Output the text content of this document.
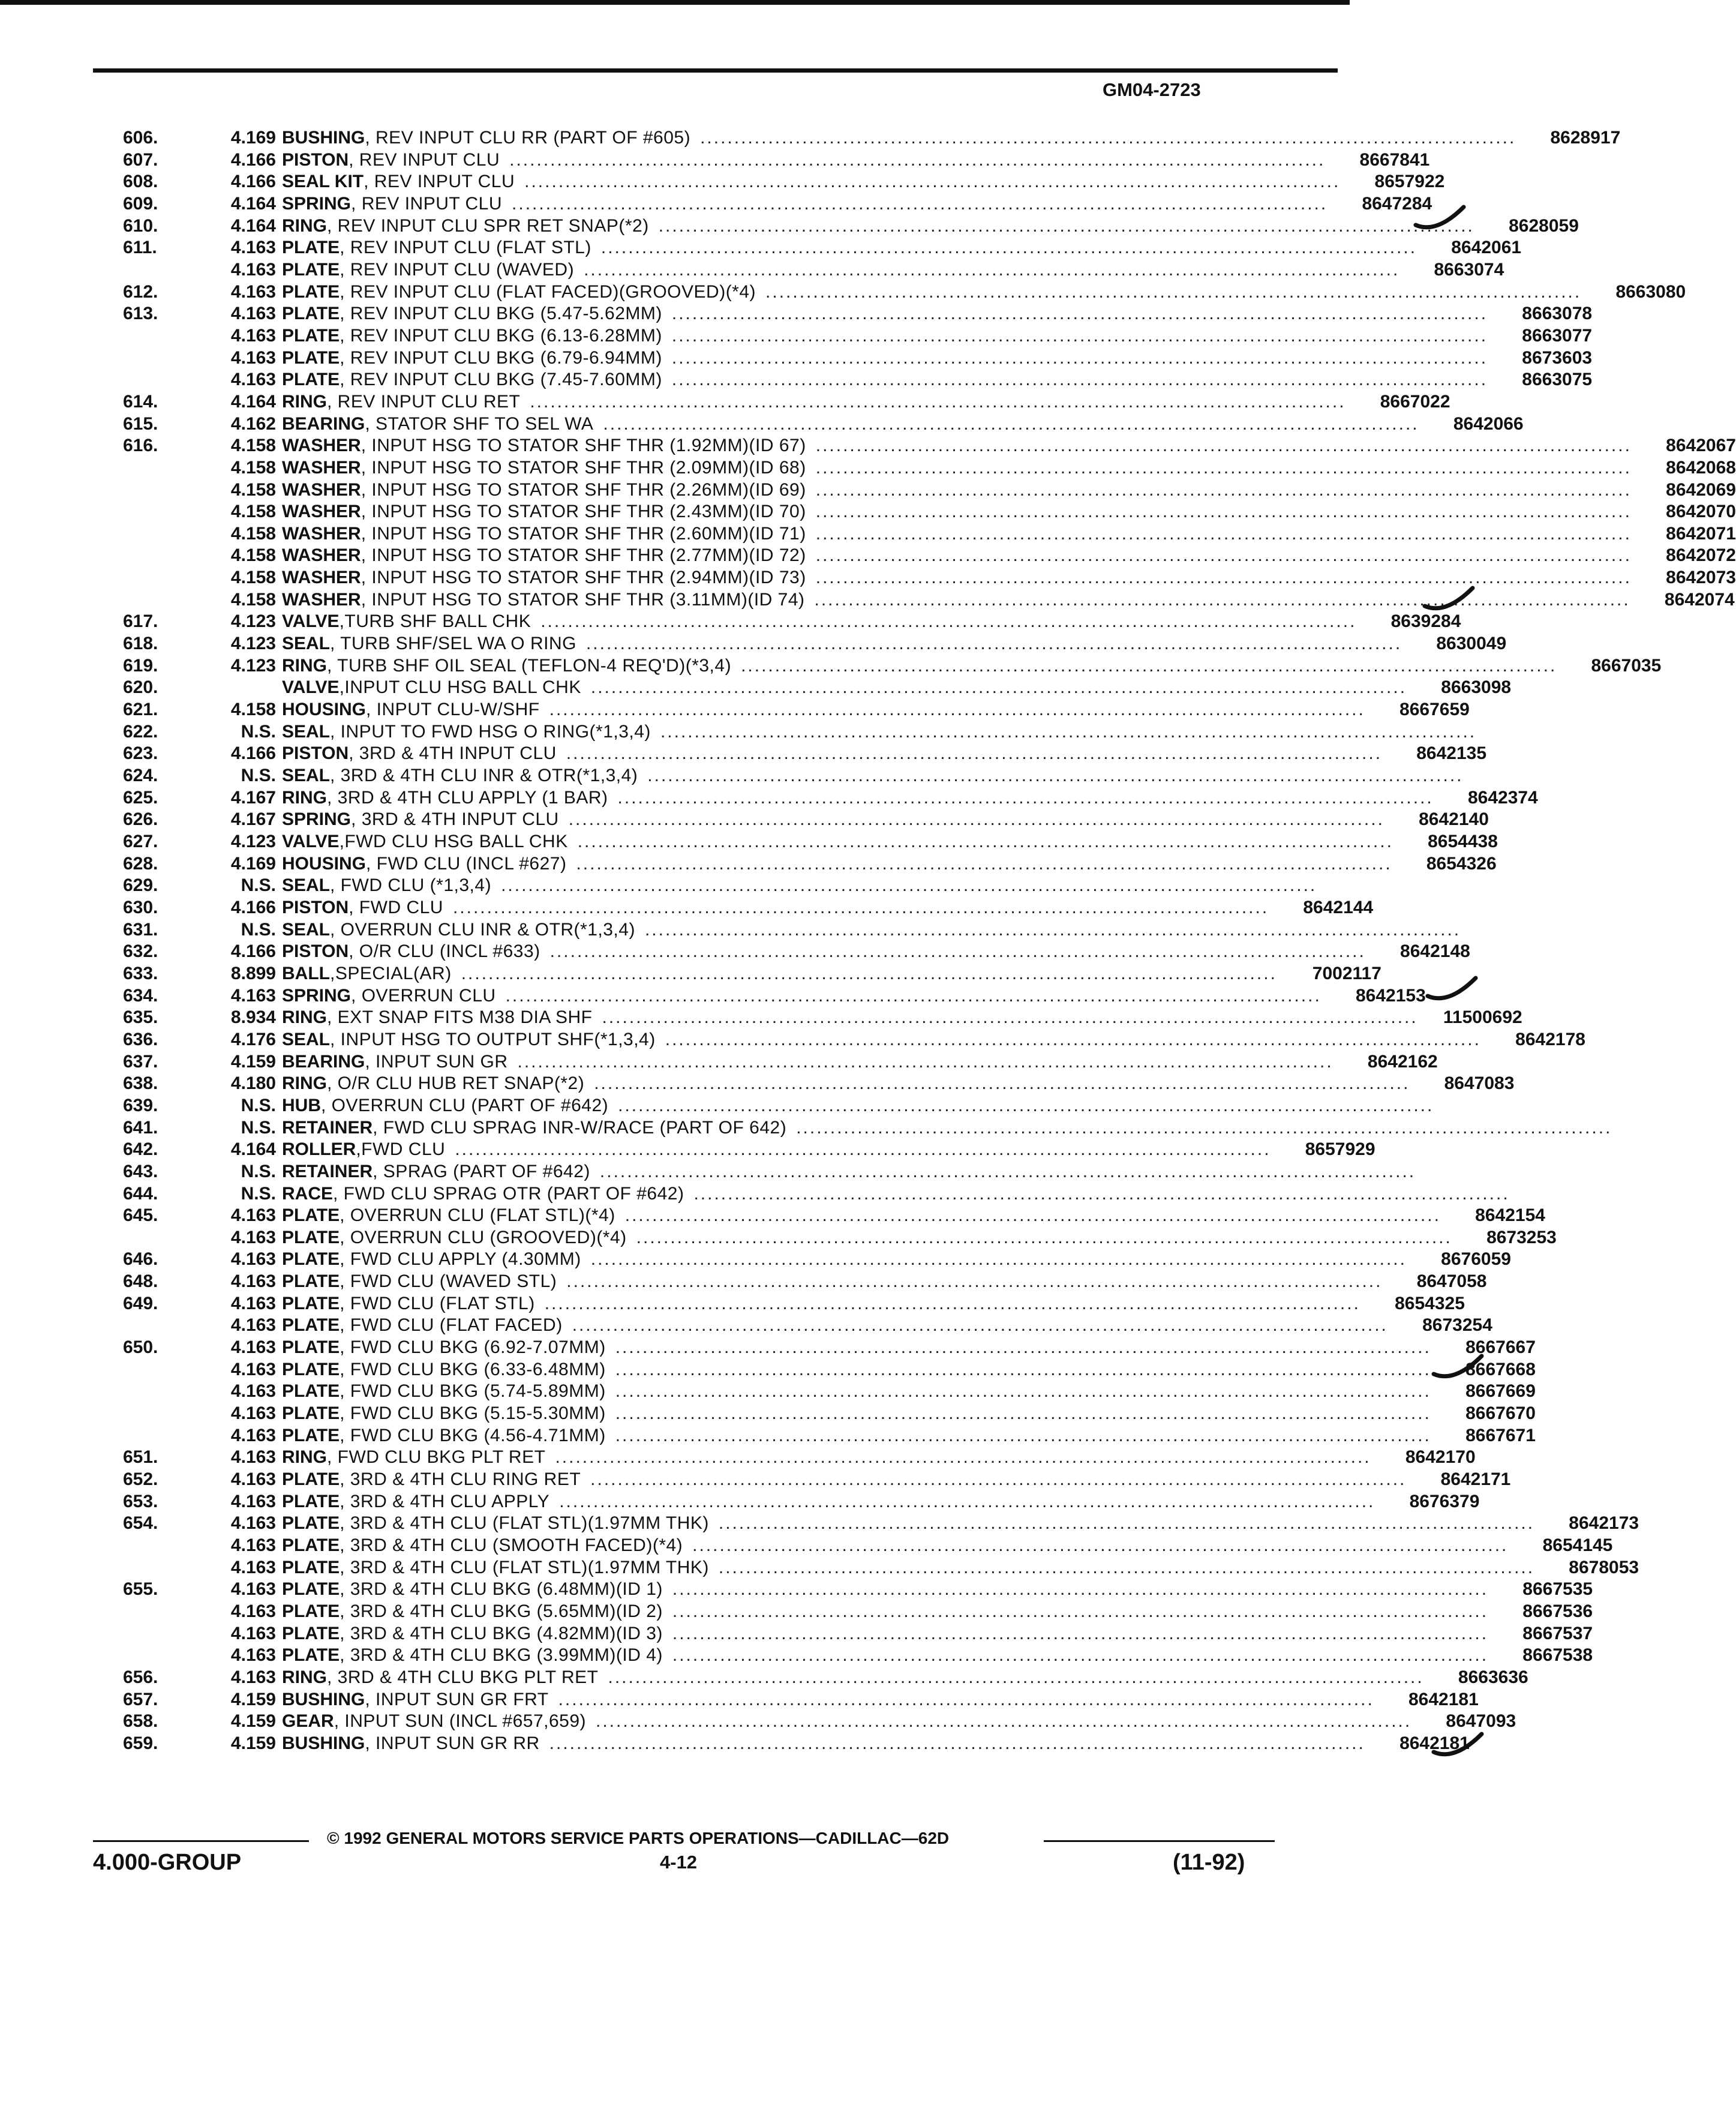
GM04-2723
606.	4.169 BUSHING , REV INPUT CLU RR (PART OF #605) ........................................................................................................................	8628917
607.	4.166 PISTON , REV INPUT CLU ........................................................................................................................	8667841
608.	4.166 SEAL KIT , REV INPUT CLU ........................................................................................................................	8657922
609.	4.164 SPRING , REV INPUT CLU ........................................................................................................................	8647284
610.	4.164 RING , REV INPUT CLU SPR RET SNAP(*2) ........................................................................................................................	8628059
611.	4.163 PLATE , REV INPUT CLU (FLAT STL) ........................................................................................................................	8642061
4.163 PLATE , REV INPUT CLU (WAVED) ........................................................................................................................	8663074
612.	4.163 PLATE , REV INPUT CLU (FLAT FACED)(GROOVED)(*4) ........................................................................................................................	8663080
613.	4.163 PLATE , REV INPUT CLU BKG (5.47-5.62MM) ........................................................................................................................	8663078
4.163 PLATE , REV INPUT CLU BKG (6.13-6.28MM) ........................................................................................................................	8663077
4.163 PLATE , REV INPUT CLU BKG (6.79-6.94MM) ........................................................................................................................	8673603
4.163 PLATE , REV INPUT CLU BKG (7.45-7.60MM) ........................................................................................................................	8663075
614.	4.164 RING , REV INPUT CLU RET ........................................................................................................................	8667022
615.	4.162 BEARING , STATOR SHF TO SEL WA ........................................................................................................................	8642066
616.	4.158 WASHER , INPUT HSG TO STATOR SHF THR (1.92MM)(ID 67) ........................................................................................................................	8642067
4.158 WASHER , INPUT HSG TO STATOR SHF THR (2.09MM)(ID 68) ........................................................................................................................	8642068
4.158 WASHER , INPUT HSG TO STATOR SHF THR (2.26MM)(ID 69) ........................................................................................................................	8642069
4.158 WASHER , INPUT HSG TO STATOR SHF THR (2.43MM)(ID 70) ........................................................................................................................	8642070
4.158 WASHER , INPUT HSG TO STATOR SHF THR (2.60MM)(ID 71) ........................................................................................................................	8642071
4.158 WASHER , INPUT HSG TO STATOR SHF THR (2.77MM)(ID 72) ........................................................................................................................	8642072
4.158 WASHER , INPUT HSG TO STATOR SHF THR (2.94MM)(ID 73) ........................................................................................................................	8642073
4.158 WASHER , INPUT HSG TO STATOR SHF THR (3.11MM)(ID 74) ........................................................................................................................	8642074
617.	4.123 VALVE ,TURB SHF BALL CHK ........................................................................................................................	8639284
618.	4.123 SEAL , TURB SHF/SEL WA O RING ........................................................................................................................	8630049
619.	4.123 RING , TURB SHF OIL SEAL (TEFLON-4 REQ'D)(*3,4) ........................................................................................................................	8667035
620.	VALVE ,INPUT CLU HSG BALL CHK ........................................................................................................................	8663098
621.	4.158 HOUSING , INPUT CLU-W/SHF ........................................................................................................................	8667659
622.	N.S. SEAL , INPUT TO FWD HSG O RING(*1,3,4) ........................................................................................................................
623.	4.166 PISTON , 3RD & 4TH INPUT CLU ........................................................................................................................	8642135
624.	N.S. SEAL , 3RD & 4TH CLU INR & OTR(*1,3,4) ........................................................................................................................
625.	4.167 RING , 3RD & 4TH CLU APPLY (1 BAR) ........................................................................................................................	8642374
626.	4.167 SPRING , 3RD & 4TH INPUT CLU ........................................................................................................................	8642140
627.	4.123 VALVE ,FWD CLU HSG BALL CHK ........................................................................................................................	8654438
628.	4.169 HOUSING , FWD CLU (INCL #627) ........................................................................................................................	8654326
629.	N.S. SEAL , FWD CLU (*1,3,4) ........................................................................................................................
630.	4.166 PISTON , FWD CLU ........................................................................................................................	8642144
631.	N.S. SEAL , OVERRUN CLU INR & OTR(*1,3,4) ........................................................................................................................
632.	4.166 PISTON , O/R CLU (INCL #633) ........................................................................................................................	8642148
633.	8.899 BALL ,SPECIAL(AR) ........................................................................................................................	7002117
634.	4.163 SPRING , OVERRUN CLU ........................................................................................................................	8642153
635.	8.934 RING , EXT SNAP FITS M38 DIA SHF ........................................................................................................................	11500692
636.	4.176 SEAL , INPUT HSG TO OUTPUT SHF(*1,3,4) ........................................................................................................................	8642178
637.	4.159 BEARING , INPUT SUN GR ........................................................................................................................	8642162
638.	4.180 RING , O/R CLU HUB RET SNAP(*2) ........................................................................................................................	8647083
639.	N.S. HUB , OVERRUN CLU (PART OF #642) ........................................................................................................................
641.	N.S. RETAINER , FWD CLU SPRAG INR-W/RACE (PART OF 642) ........................................................................................................................
642.	4.164 ROLLER ,FWD CLU ........................................................................................................................	8657929
643.	N.S. RETAINER , SPRAG (PART OF #642) ........................................................................................................................
644.	N.S. RACE , FWD CLU SPRAG OTR (PART OF #642) ........................................................................................................................
645.	4.163 PLATE , OVERRUN CLU (FLAT STL)(*4) ........................................................................................................................	8642154
4.163 PLATE , OVERRUN CLU (GROOVED)(*4) ........................................................................................................................	8673253
646.	4.163 PLATE , FWD CLU APPLY (4.30MM) ........................................................................................................................	8676059
648.	4.163 PLATE , FWD CLU (WAVED STL) ........................................................................................................................	8647058
649.	4.163 PLATE , FWD CLU (FLAT STL) ........................................................................................................................	8654325
4.163 PLATE , FWD CLU (FLAT FACED) ........................................................................................................................	8673254
650.	4.163 PLATE , FWD CLU BKG (6.92-7.07MM) ........................................................................................................................	8667667
4.163 PLATE , FWD CLU BKG (6.33-6.48MM) ........................................................................................................................	8667668
4.163 PLATE , FWD CLU BKG (5.74-5.89MM) ........................................................................................................................	8667669
4.163 PLATE , FWD CLU BKG (5.15-5.30MM) ........................................................................................................................	8667670
4.163 PLATE , FWD CLU BKG (4.56-4.71MM) ........................................................................................................................	8667671
651.	4.163 RING , FWD CLU BKG PLT RET ........................................................................................................................	8642170
652.	4.163 PLATE , 3RD & 4TH CLU RING RET ........................................................................................................................	8642171
653.	4.163 PLATE , 3RD & 4TH CLU APPLY ........................................................................................................................	8676379
654.	4.163 PLATE , 3RD & 4TH CLU (FLAT STL)(1.97MM THK) ........................................................................................................................	8642173
4.163 PLATE , 3RD & 4TH CLU (SMOOTH FACED)(*4) ........................................................................................................................	8654145
4.163 PLATE , 3RD & 4TH CLU (FLAT STL)(1.97MM THK) ........................................................................................................................	8678053
655.	4.163 PLATE , 3RD & 4TH CLU BKG (6.48MM)(ID 1) ........................................................................................................................	8667535
4.163 PLATE , 3RD & 4TH CLU BKG (5.65MM)(ID 2) ........................................................................................................................	8667536
4.163 PLATE , 3RD & 4TH CLU BKG (4.82MM)(ID 3) ........................................................................................................................	8667537
4.163 PLATE , 3RD & 4TH CLU BKG (3.99MM)(ID 4) ........................................................................................................................	8667538
656.	4.163 RING , 3RD & 4TH CLU BKG PLT RET ........................................................................................................................	8663636
657.	4.159 BUSHING , INPUT SUN GR FRT ........................................................................................................................	8642181
658.	4.159 GEAR , INPUT SUN (INCL #657,659) ........................................................................................................................	8647093
659.	4.159 BUSHING , INPUT SUN GR RR ........................................................................................................................	8642181
© 1992 GENERAL MOTORS SERVICE PARTS OPERATIONS—CADILLAC—62D
4.000-GROUP	4-12	(11-92)
